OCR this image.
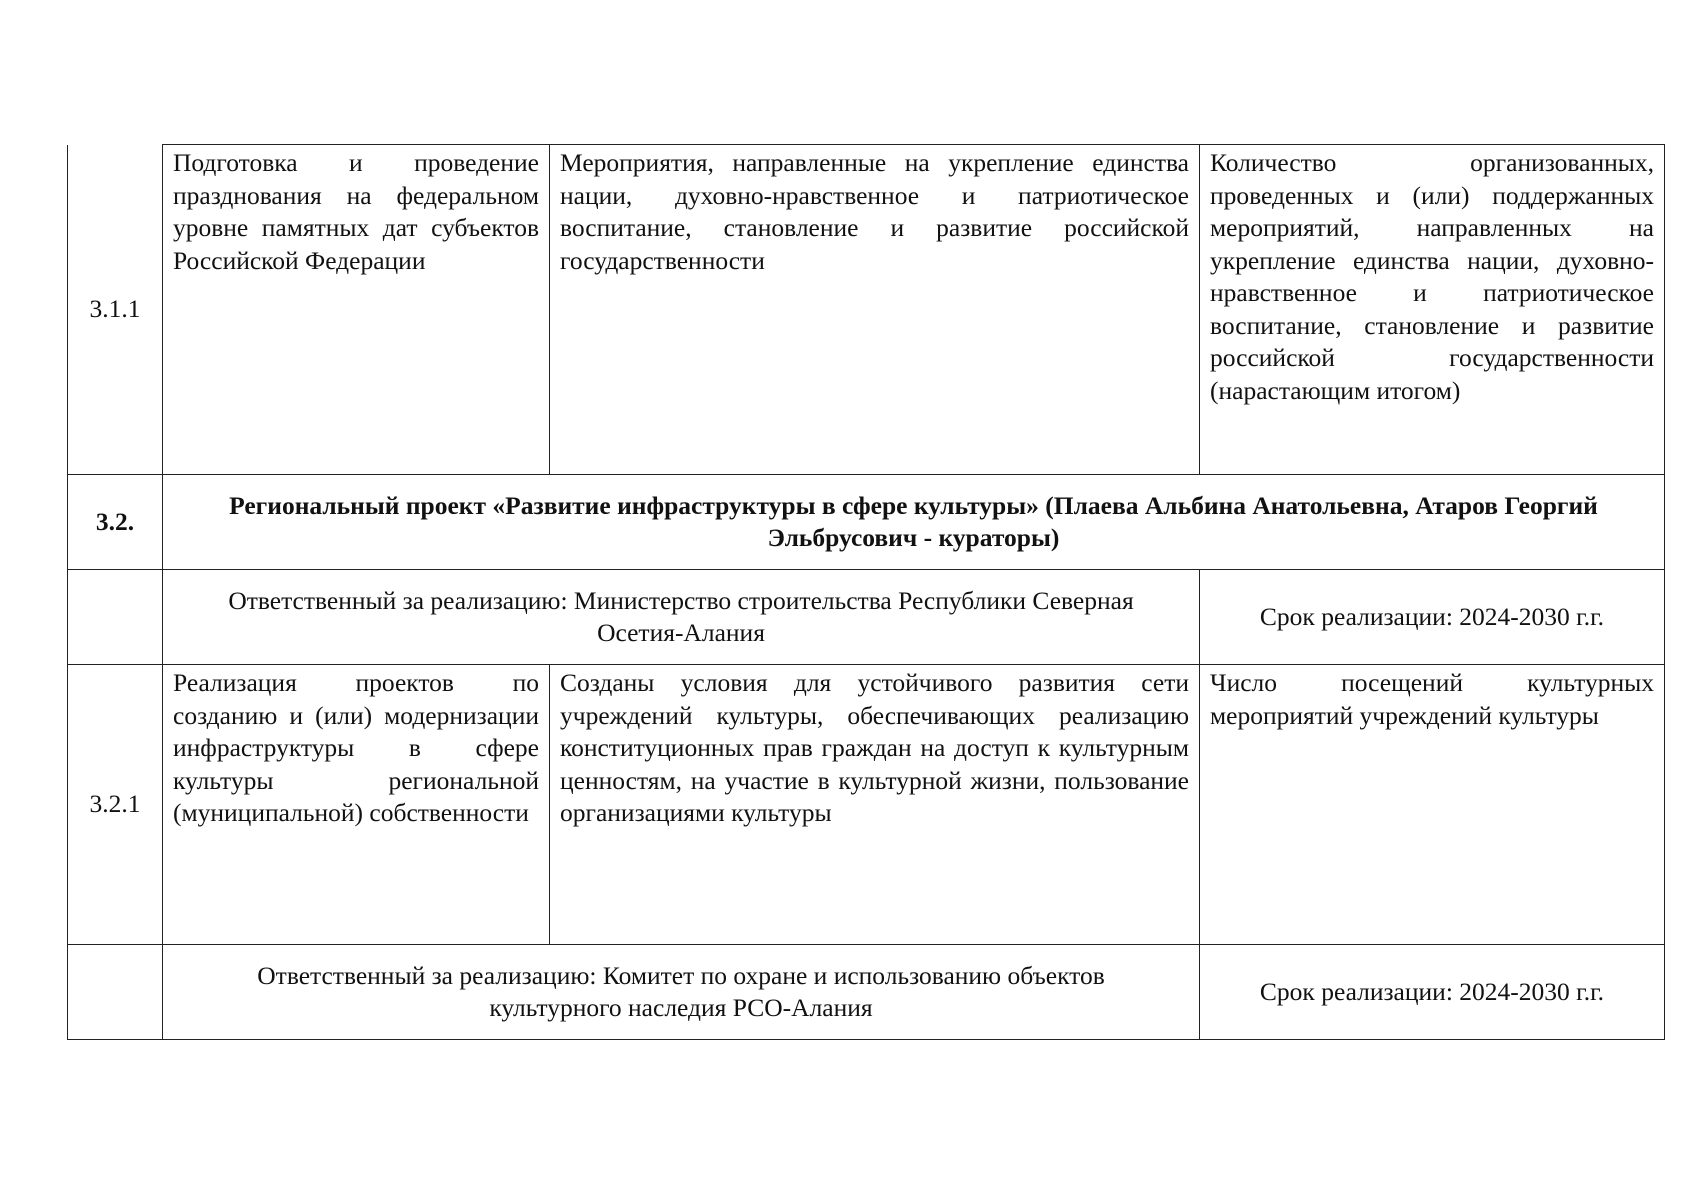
3.1.1	Подготовка и проведение празднования на федеральном уровне памятных дат субъектов Российской Федерации	Мероприятия, направленные на укрепление единства нации, духовно-нравственное и патриотическое воспитание, становление и развитие российской государственности	Количество организованных, проведенных и (или) поддержанных мероприятий, направленных на укрепление единства нации, духовно-нравственное и патриотическое воспитание, становление и развитие российской государственности (нарастающим итогом)
3.2.	Региональный проект «Развитие инфраструктуры в сфере культуры» (Плаева Альбина Анатольевна, Атаров Георгий Эльбрусович - кураторы)		
	Ответственный за реализацию: Министерство строительства Республики Северная Осетия-Алания		Срок реализации: 2024-2030 г.г.
3.2.1	Реализация проектов по созданию и (или) модернизации инфраструктуры в сфере культуры региональной (муниципальной) собственности	Созданы условия для устойчивого развития сети учреждений культуры, обеспечивающих реализацию конституционных прав граждан на доступ к культурным ценностям, на участие в культурной жизни, пользование организациями культуры	Число посещений культурных мероприятий учреждений культуры
	Ответственный за реализацию: Комитет по охране и использованию объектов культурного наследия РСО-Алания		Срок реализации: 2024-2030 г.г.
